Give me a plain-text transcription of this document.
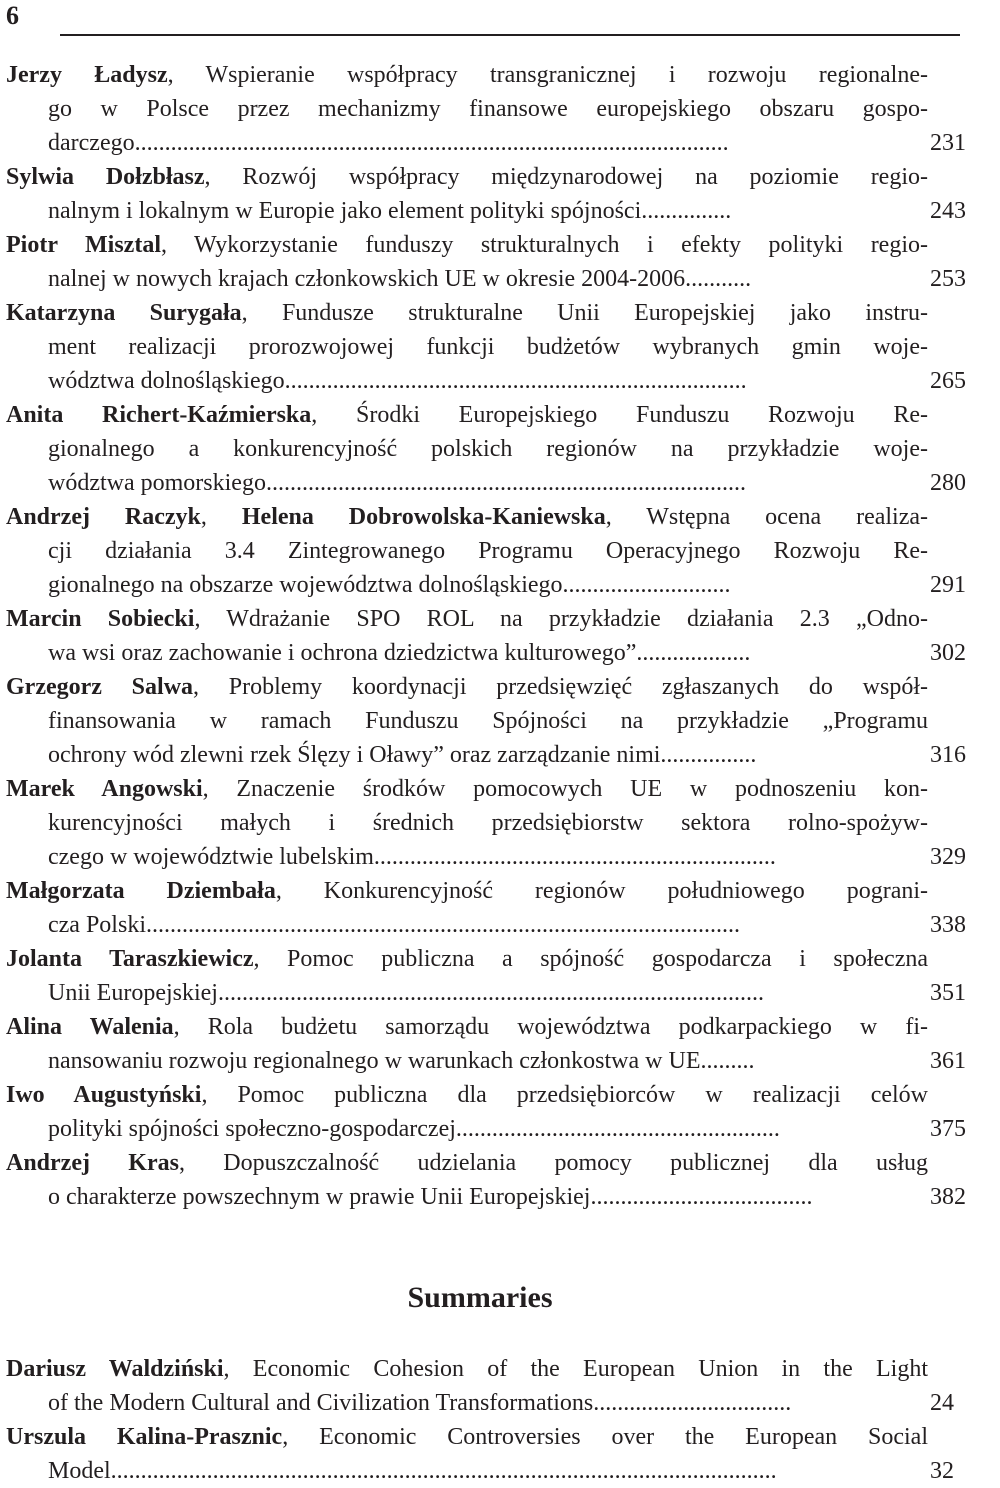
6
Jerzy Ładysz, Wspieranie współpracy transgranicznej i rozwoju regionalne-
go w Polsce przez mechanizmy finansowe europejskiego obszaru gospo-
darczego...................................................................................................	231
Sylwia Dołzbłasz, Rozwój współpracy międzynarodowej na poziomie regio-
nalnym i lokalnym w Europie jako element polityki spójności...............	243
Piotr Misztal, Wykorzystanie funduszy strukturalnych i efekty polityki regio-
nalnej w nowych krajach członkowskich UE w okresie 2004-2006...........	253
Katarzyna Surygała, Fundusze strukturalne Unii Europejskiej jako instru-
ment realizacji prorozwojowej funkcji budżetów wybranych gmin woje-
wództwa dolnośląskiego.............................................................................	265
Anita Richert-Kaźmierska, Środki Europejskiego Funduszu Rozwoju Re-
gionalnego a konkurencyjność polskich regionów na przykładzie woje-
wództwa pomorskiego................................................................................	280
Andrzej Raczyk, Helena Dobrowolska-Kaniewska, Wstępna ocena realiza-
cji działania 3.4 Zintegrowanego Programu Operacyjnego Rozwoju Re-
gionalnego na obszarze województwa dolnośląskiego............................	291
Marcin Sobiecki, Wdrażanie SPO ROL na przykładzie działania 2.3 „Odno-
wa wsi oraz zachowanie i ochrona dziedzictwa kulturowego”...................	302
Grzegorz Salwa, Problemy koordynacji przedsięwzięć zgłaszanych do współ-
finansowania w ramach Funduszu Spójności na przykładzie „Programu
ochrony wód zlewni rzek Ślęzy i Oławy” oraz zarządzanie nimi................	316
Marek Angowski, Znaczenie środków pomocowych UE w podnoszeniu kon-
kurencyjności małych i średnich przedsiębiorstw sektora rolno-spożyw-
czego w województwie lubelskim...................................................................	329
Małgorzata Dziembała, Konkurencyjność regionów południowego pograni-
cza Polski...................................................................................................	338
Jolanta Taraszkiewicz, Pomoc publiczna a spójność gospodarcza i społeczna
Unii Europejskiej...........................................................................................	351
Alina Walenia, Rola budżetu samorządu województwa podkarpackiego w fi-
nansowaniu rozwoju regionalnego w warunkach członkostwa w UE.........	361
Iwo Augustyński, Pomoc publiczna dla przedsiębiorców w realizacji celów
polityki spójności społeczno-gospodarczej......................................................	375
Andrzej Kras, Dopuszczalność udzielania pomocy publicznej dla usług
o charakterze powszechnym w prawie Unii Europejskiej.....................................	382
Summaries
Dariusz Waldziński, Economic Cohesion of the European Union in the Light
of the Modern Cultural and Civilization Transformations.................................	24
Urszula Kalina-Prasznic, Economic Controversies over the European Social
Model...............................................................................................................	32
